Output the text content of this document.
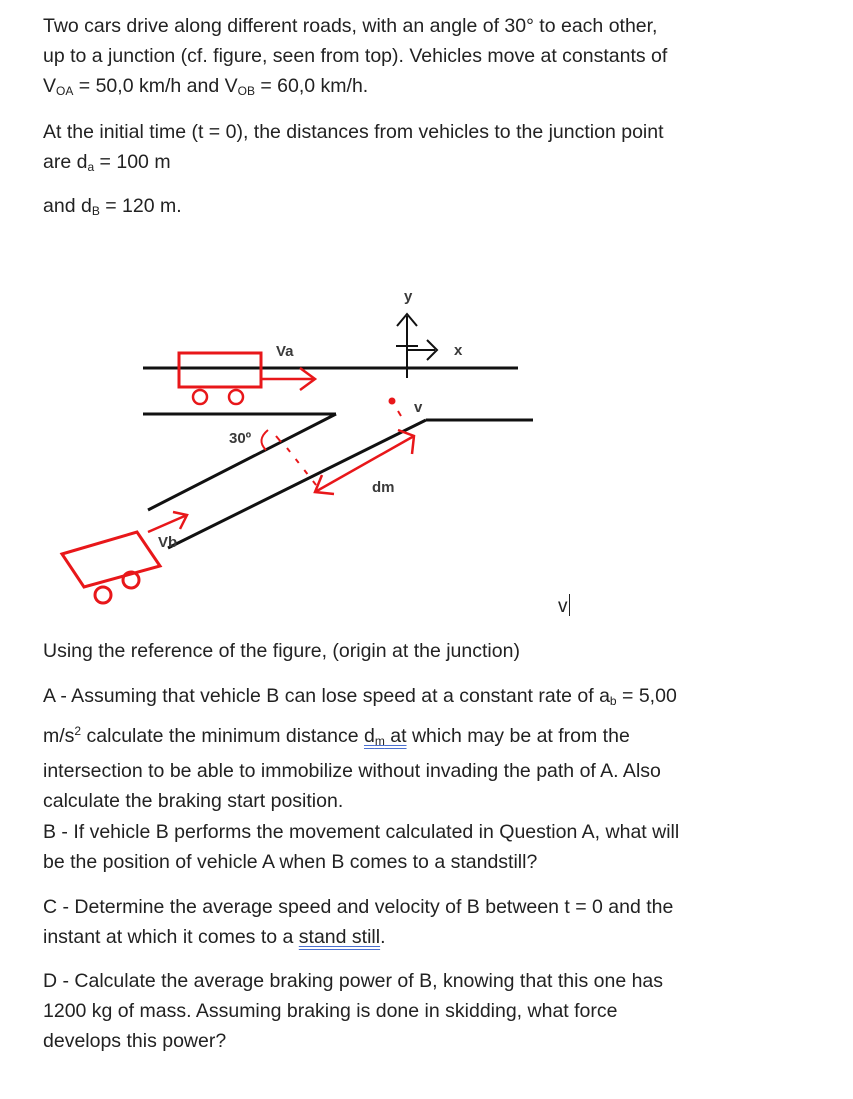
Two cars drive along different roads, with an angle of 30° to each other,
up to a junction (cf. figure, seen from top). Vehicles move at constants of
$V_{OA} = 50,0$ km/h and $V_{OB} = 60,0$ km/h.

At the initial time (t = 0), the distances from vehicles to the junction point
are $d_a = 100$ m

and $d_B = 120$ m.

Va
y
x
v
dm
30º
Vb
v

Using the reference of the figure, (origin at the junction)

A - Assuming that vehicle B can lose speed at a constant rate of $a_b = 5,00$
$m/s^2$ calculate the minimum distance $d_m$ at which may be at from the
intersection to be able to immobilize without invading the path of A. Also
calculate the braking start position.

B - If vehicle B performs the movement calculated in Question A, what will
be the position of vehicle A when B comes to a standstill?

C - Determine the average speed and velocity of B between t = 0 and the
instant at which it comes to a stand still.

D - Calculate the average braking power of B, knowing that this one has
1200 kg of mass. Assuming braking is done in skidding, what force
develops this power?
